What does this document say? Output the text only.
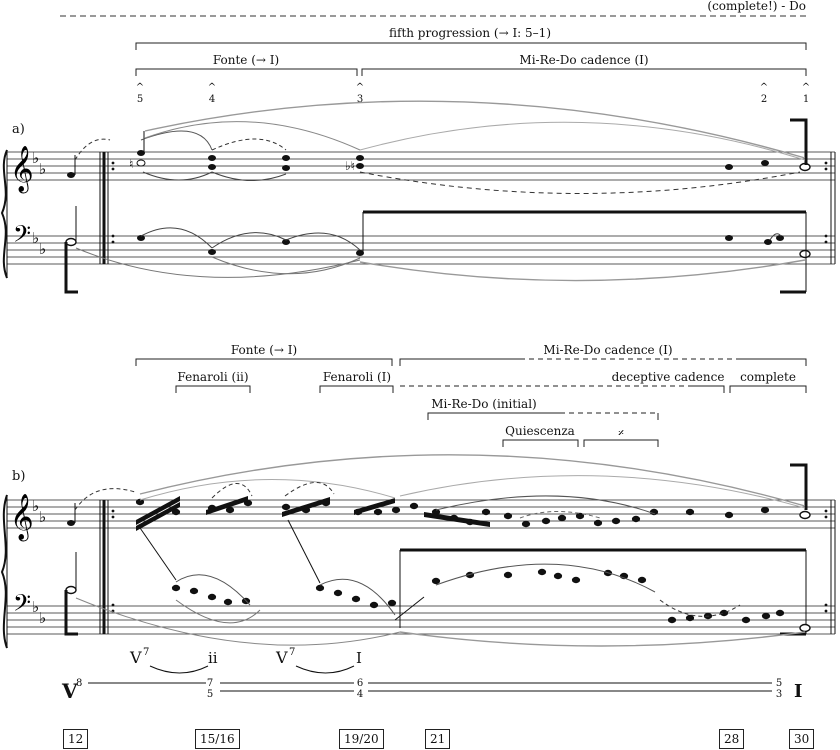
(complete!) - Do
fifth progression (→ I: 5–1)
Fonte (→ I)	Mi-Re-Do cadence (I)
^
5
^
4
^
3
^
2
^
1
a)
𝄞
𝄢
♭
♭
♭
♭
♮	♭♮
Fonte (→ I)	Mi-Re-Do cadence (I)
Fenaroli (ii)	Fenaroli (I)	deceptive cadence complete
Mi-Re-Do (initial)
Quiescenza	𝄎
b)
𝄞
𝄢
♭
♭
♭
♭
V 7	ii	V 7	I
V
8	7
5
6
4
5
3 I
12	15/16	19/20	21	28	30
